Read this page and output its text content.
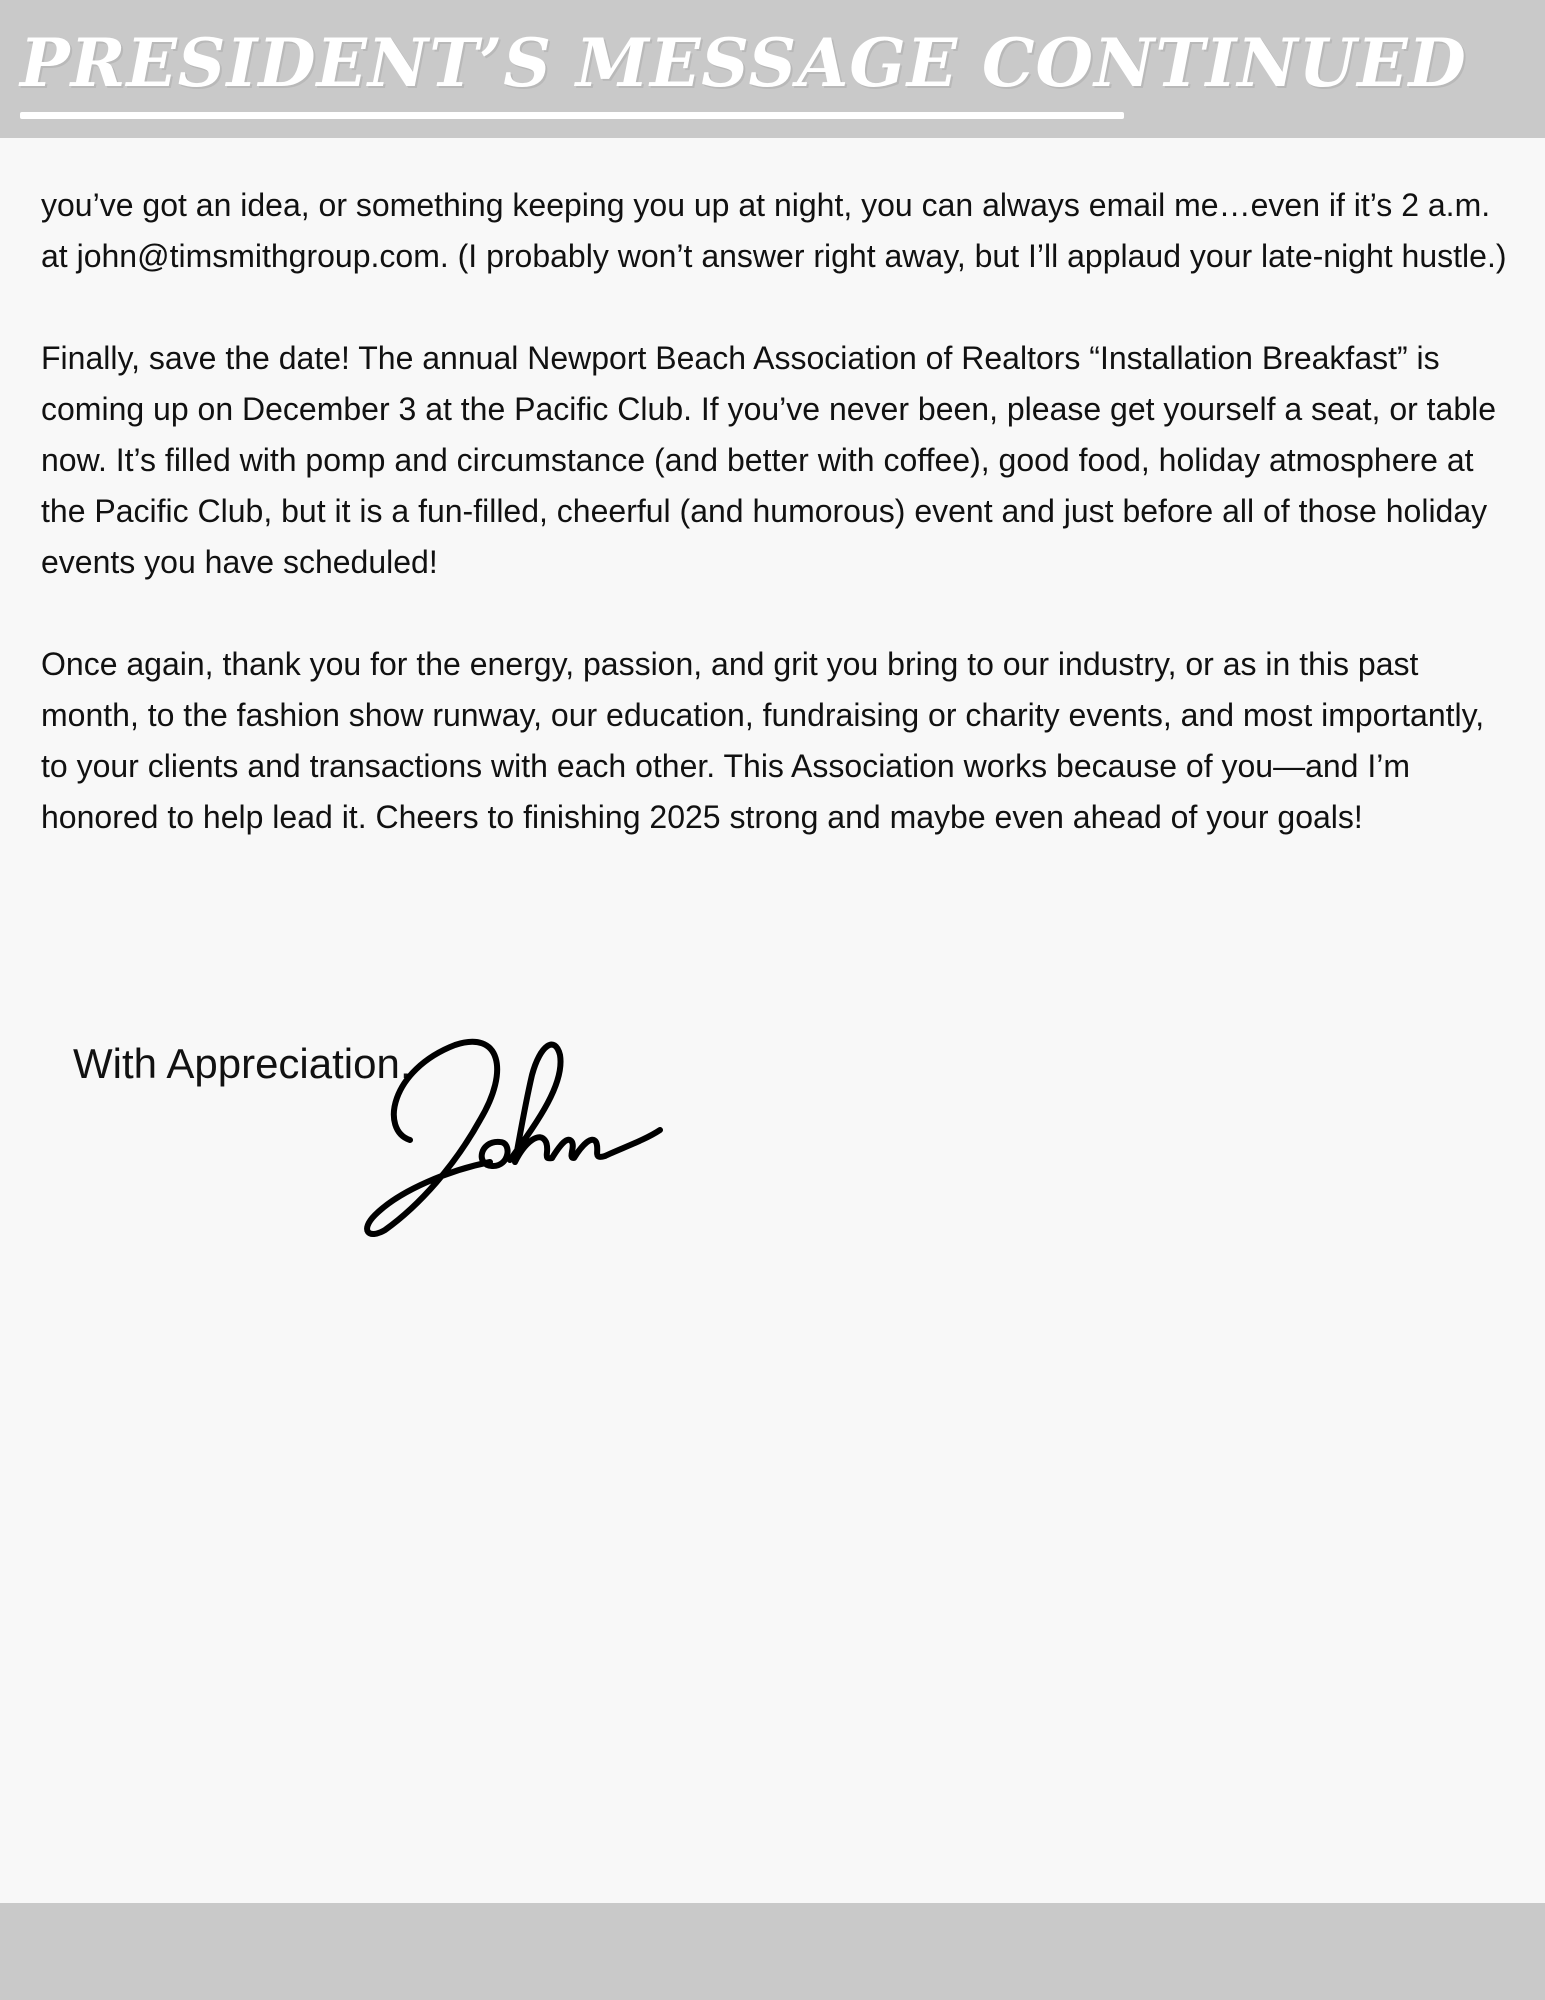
PRESIDENT’S MESSAGE CONTINUED

you’ve got an idea, or something keeping you up at night, you can always email me…even if it’s 2 a.m. at john@timsmithgroup.com. (I probably won’t answer right away, but I’ll applaud your late-night hustle.)

Finally, save the date! The annual Newport Beach Association of Realtors “Installation Breakfast” is coming up on December 3 at the Pacific Club. If you’ve never been, please get yourself a seat, or table now. It’s filled with pomp and circumstance (and better with coffee), good food, holiday atmosphere at the Pacific Club, but it is a fun-filled, cheerful (and humorous) event and just before all of those holiday events you have scheduled!

Once again, thank you for the energy, passion, and grit you bring to our industry, or as in this past month, to the fashion show runway, our education, fundraising or charity events, and most importantly, to your clients and transactions with each other. This Association works because of you—and I’m honored to help lead it. Cheers to finishing 2025 strong and maybe even ahead of your goals!

With Appreciation,

John
